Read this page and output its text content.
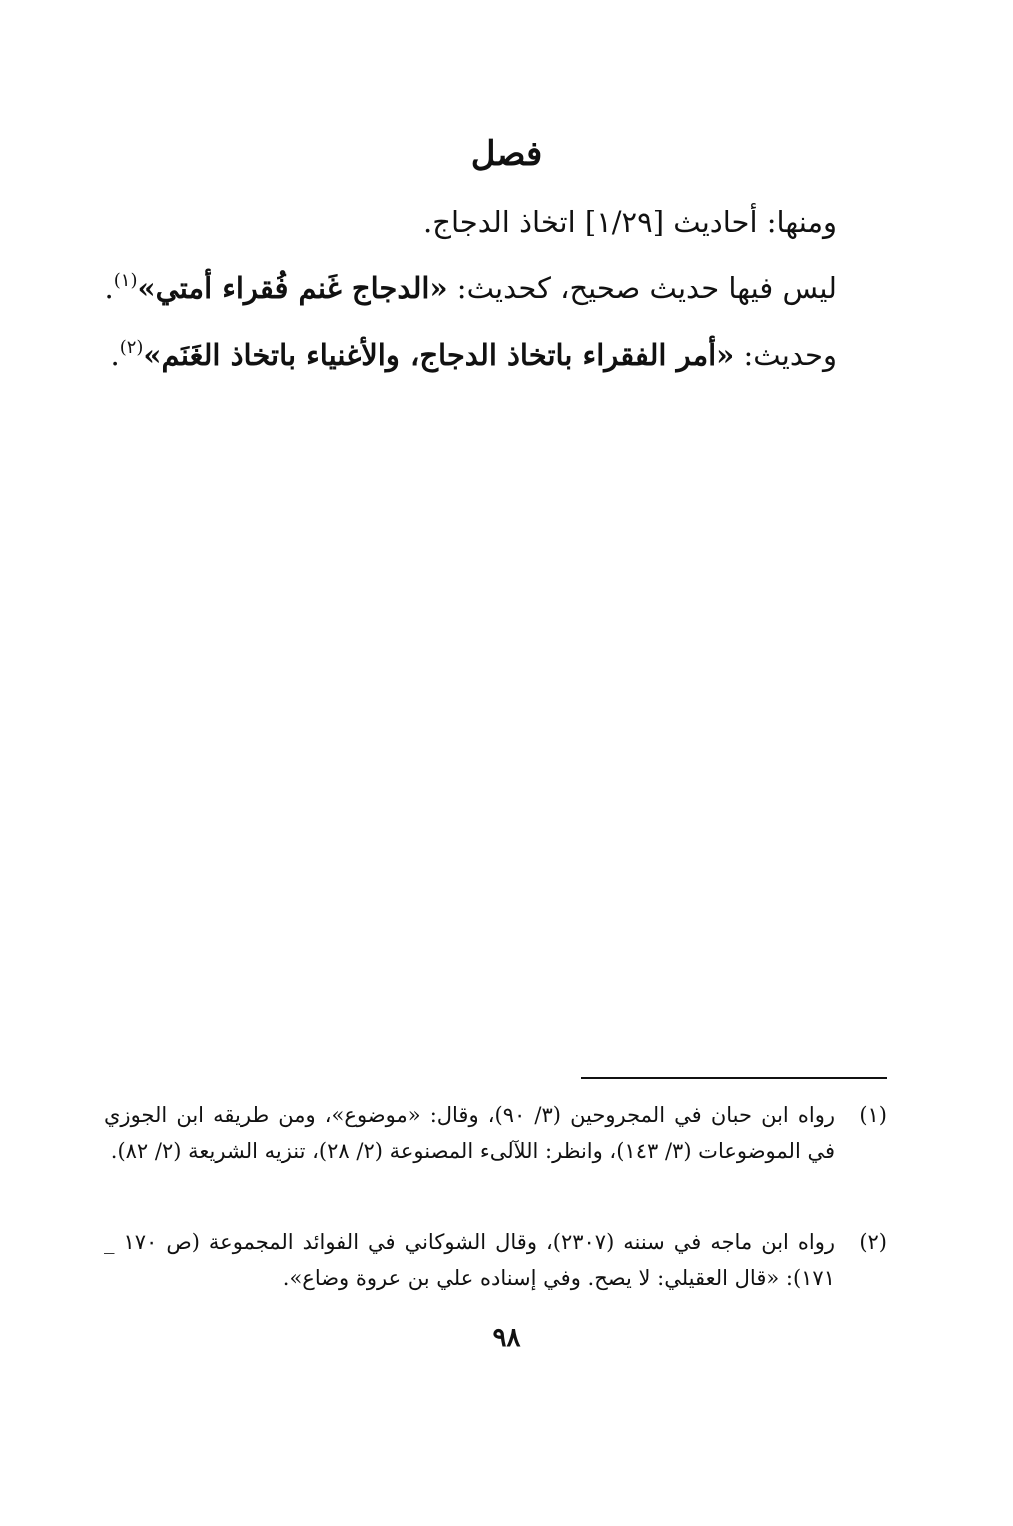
فصل
ومنها: أحاديث [١/٢٩] اتخاذ الدجاج.
ليس فيها حديث صحيح، كحديث: «الدجاج غَنم فُقراء أمتي»$^{(١)}$.
وحديث: «أمر الفقراء باتخاذ الدجاج، والأغنياء باتخاذ الغَنَم»$^{(٢)}$.
(١)
رواه ابن حبان في المجروحين (٣/ ٩٠)، وقال: «موضوع»، ومن طريقه ابن الجوزي في الموضوعات (٣/ ١٤٣)، وانظر: اللآلىء المصنوعة (٢/ ٢٨)، تنزيه الشريعة (٢/ ٨٢).
(٢)
رواه ابن ماجه في سننه (٢٣٠٧)، وقال الشوكاني في الفوائد المجموعة (ص ١٧٠ _ ١٧١): «قال العقيلي: لا يصح. وفي إسناده علي بن عروة وضاع».
٩٨
